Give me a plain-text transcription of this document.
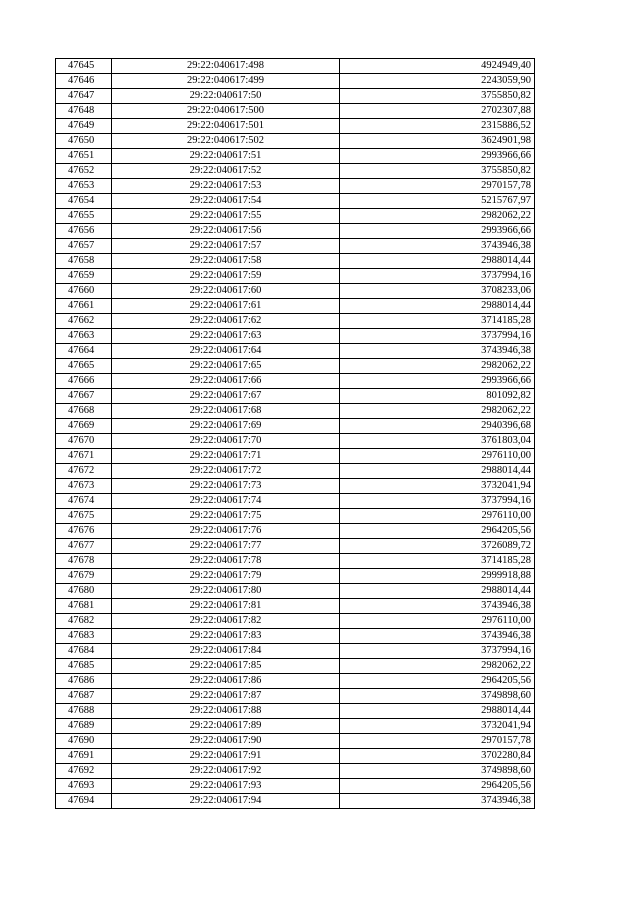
47645	29:22:040617:498	4924949,40
47646	29:22:040617:499	2243059,90
47647	29:22:040617:50	3755850,82
47648	29:22:040617:500	2702307,88
47649	29:22:040617:501	2315886,52
47650	29:22:040617:502	3624901,98
47651	29:22:040617:51	2993966,66
47652	29:22:040617:52	3755850,82
47653	29:22:040617:53	2970157,78
47654	29:22:040617:54	5215767,97
47655	29:22:040617:55	2982062,22
47656	29:22:040617:56	2993966,66
47657	29:22:040617:57	3743946,38
47658	29:22:040617:58	2988014,44
47659	29:22:040617:59	3737994,16
47660	29:22:040617:60	3708233,06
47661	29:22:040617:61	2988014,44
47662	29:22:040617:62	3714185,28
47663	29:22:040617:63	3737994,16
47664	29:22:040617:64	3743946,38
47665	29:22:040617:65	2982062,22
47666	29:22:040617:66	2993966,66
47667	29:22:040617:67	801092,82
47668	29:22:040617:68	2982062,22
47669	29:22:040617:69	2940396,68
47670	29:22:040617:70	3761803,04
47671	29:22:040617:71	2976110,00
47672	29:22:040617:72	2988014,44
47673	29:22:040617:73	3732041,94
47674	29:22:040617:74	3737994,16
47675	29:22:040617:75	2976110,00
47676	29:22:040617:76	2964205,56
47677	29:22:040617:77	3726089,72
47678	29:22:040617:78	3714185,28
47679	29:22:040617:79	2999918,88
47680	29:22:040617:80	2988014,44
47681	29:22:040617:81	3743946,38
47682	29:22:040617:82	2976110,00
47683	29:22:040617:83	3743946,38
47684	29:22:040617:84	3737994,16
47685	29:22:040617:85	2982062,22
47686	29:22:040617:86	2964205,56
47687	29:22:040617:87	3749898,60
47688	29:22:040617:88	2988014,44
47689	29:22:040617:89	3732041,94
47690	29:22:040617:90	2970157,78
47691	29:22:040617:91	3702280,84
47692	29:22:040617:92	3749898,60
47693	29:22:040617:93	2964205,56
47694	29:22:040617:94	3743946,38
